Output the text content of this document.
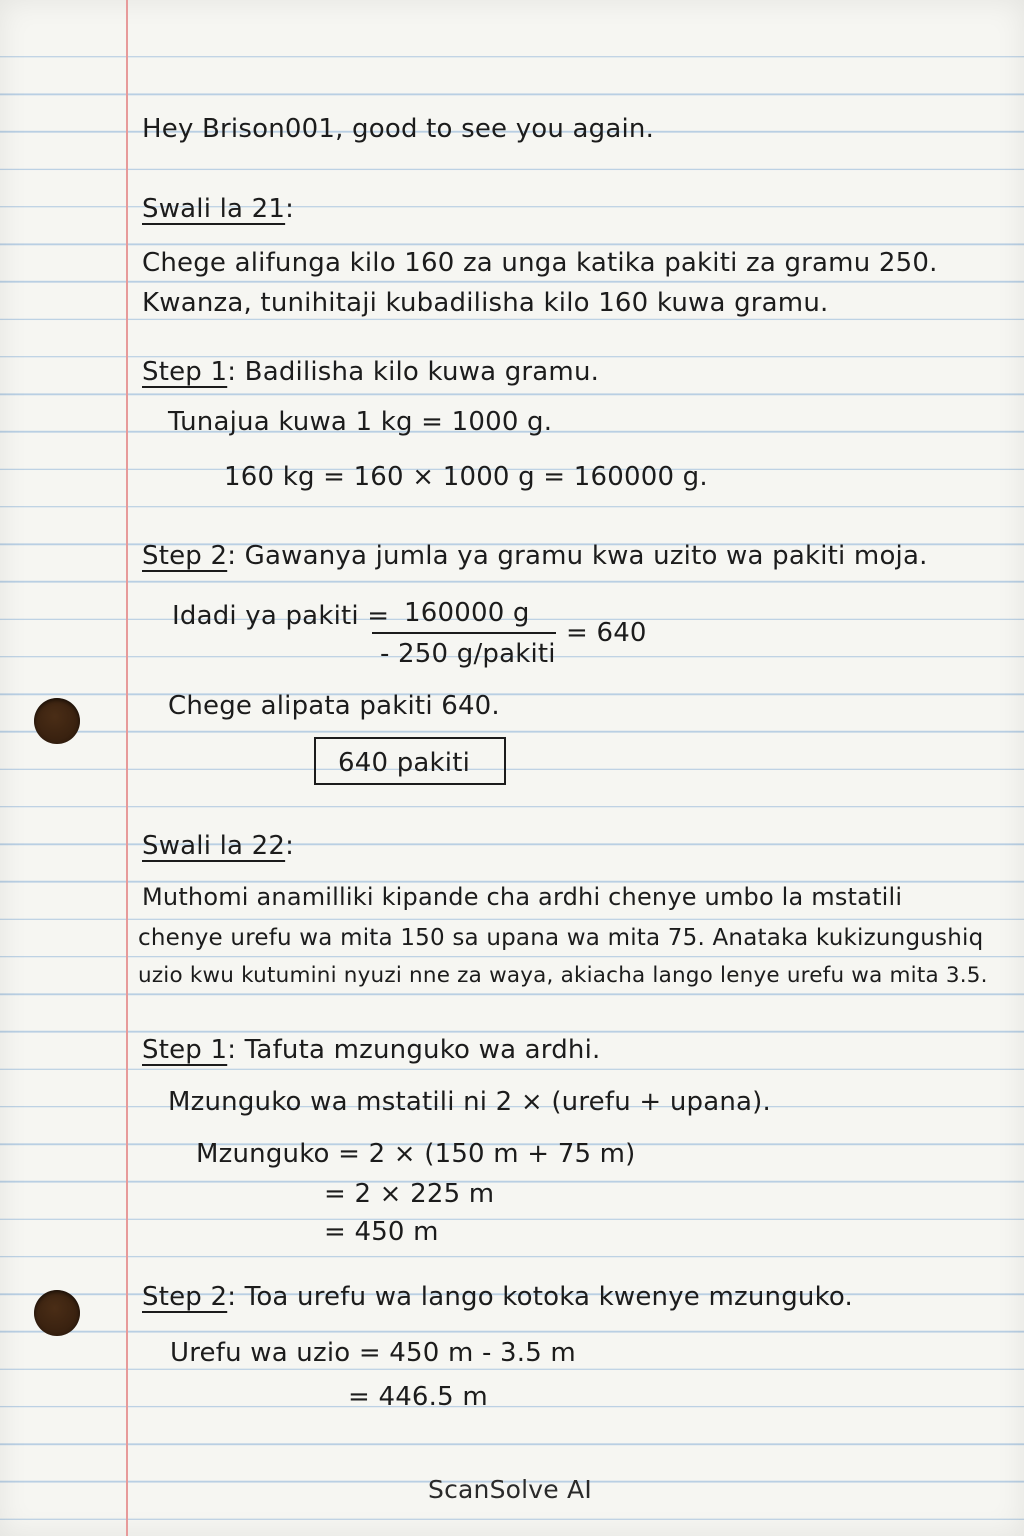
Hey Brison001, good to see you again.
Swali la 21:
Chege alifunga kilo 160 za unga katika pakiti za gramu 250.
Kwanza, tunihitaji kubadilisha kilo 160 kuwa gramu.
Step 1: Badilisha kilo kuwa gramu.
Tunajua kuwa 1 kg = 1000 g.
160 kg = 160 × 1000 g = 160000 g.
Step 2: Gawanya jumla ya gramu kwa uzito wa pakiti moja.
Idadi ya pakiti = 160000 g
- 250 g/pakiti
= 640
Chege alipata pakiti 640.
640 pakiti
Swali la 22:
Muthomi anamilliki kipande cha ardhi chenye umbo la mstatili
chenye urefu wa mita 150 sa upana wa mita 75. Anataka kukizungushiq
uzio kwu kutumini nyuzi nne za waya, akiacha lango lenye urefu wa mita 3.5.
Step 1: Tafuta mzunguko wa ardhi.
Mzunguko wa mstatili ni 2 × (urefu + upana).
Mzunguko = 2 × (150 m + 75 m)
= 2 × 225 m
= 450 m
Step 2: Toa urefu wa lango kotoka kwenye mzunguko.
Urefu wa uzio = 450 m - 3.5 m
= 446.5 m
ScanSolve AI
